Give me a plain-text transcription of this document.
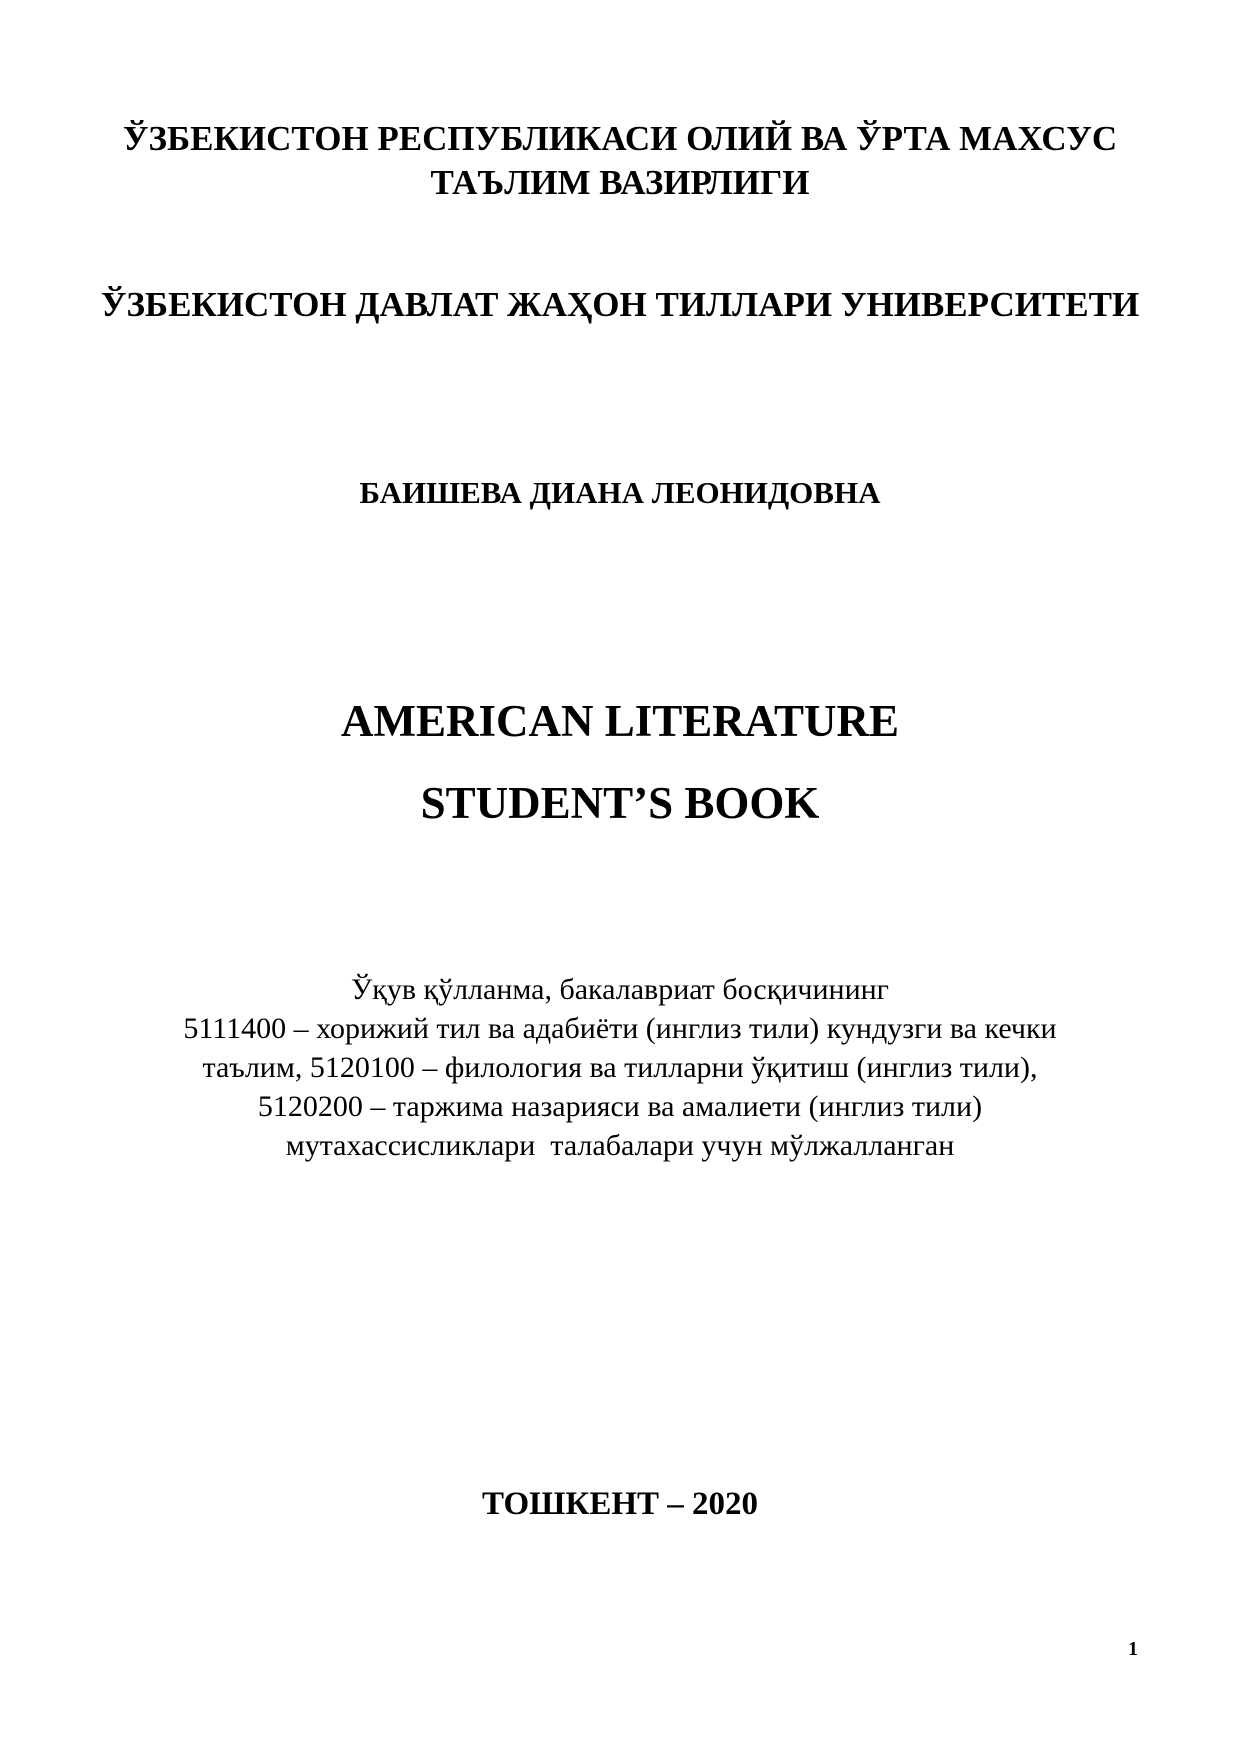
ЎЗБЕКИСТОН РЕСПУБЛИКАСИ ОЛИЙ ВА ЎРТА МАХСУС
ТАЪЛИМ ВАЗИРЛИГИ
ЎЗБЕКИСТОН ДАВЛАТ ЖАҲОН ТИЛЛАРИ УНИВЕРСИТЕТИ
БАИШЕВА ДИАНА ЛЕОНИДОВНА
AMERICAN LITERATURE
STUDENT’S BOOK
Ўқув қўлланма, бакалавриат босқичининг
5111400 – хорижий тил ва адабиёти (инглиз тили) кундузги ва кечки
таълим, 5120100 – филология ва тилларни ўқитиш (инглиз тили),
5120200 – таржима назарияси ва амалиети (инглиз тили)
мутахассисликлари  талабалари учун мўлжалланган
ТОШКЕНТ – 2020
1
